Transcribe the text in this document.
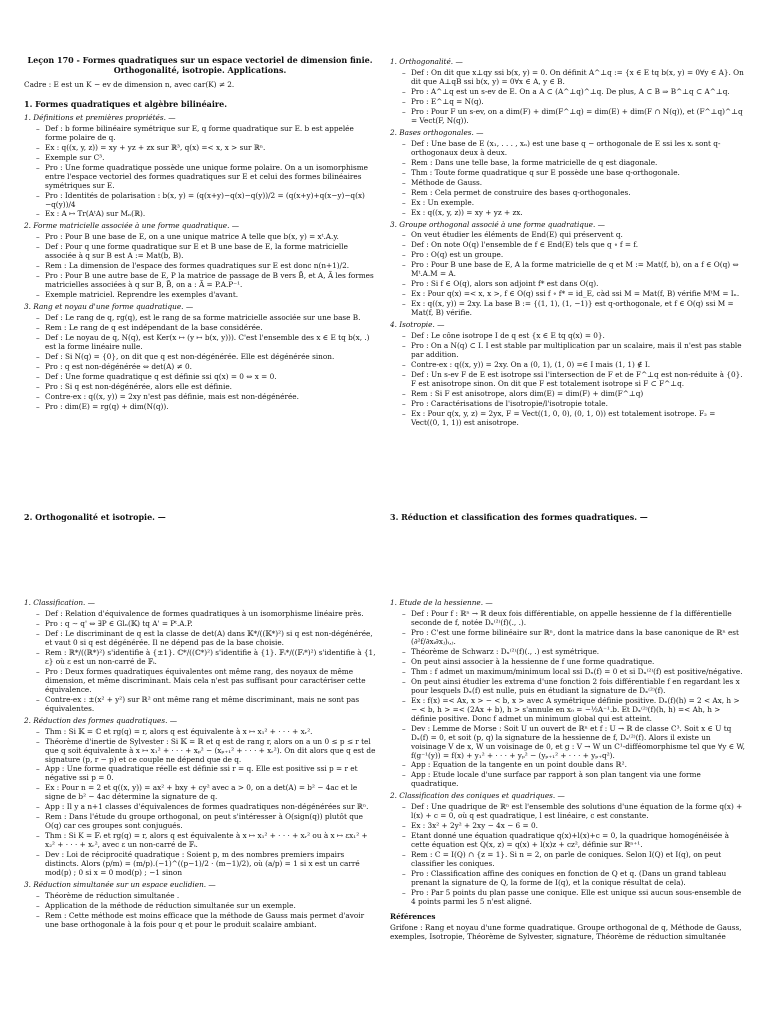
Leçon 170 - Formes quadratiques sur un espace vectoriel de dimension finie.
Orthogonalité, isotropie. Applications.
Cadre : E est un K − ev de dimension n, avec car(K) ≠ 2.
1. Formes quadratiques et algèbre bilinéaire.
1. Définitions et premières propriétés. —
– Def : b forme bilinéaire symétrique sur E, q forme quadratique sur E. b est appelée forme polaire de q.
– Ex : q((x, y, z)) = xy + yz + zx sur ℝ³, q(x) =< x, x > sur ℝⁿ.
– Exemple sur C³.
– Pro : Une forme quadratique possède une unique forme polaire. On a un isomorphisme entre l'espace vectoriel des formes quadratiques sur E et celui des formes bilinéaires symétriques sur E.
– Pro : Identités de polarisation : b(x, y) = (q(x+y)−q(x)−q(y))/2 = (q(x+y)+q(x−y)−q(x)−q(y))/4
– Ex : A ↦ Tr(AᵗA) sur Mₙ(ℝ).
2. Forme matricielle associée à une forme quadratique. —
– Pro : Pour B une base de E, on a une unique matrice A telle que b(x, y) = xᵗ.A.y.
– Def : Pour q une forme quadratique sur E et B une base de E, la forme matricielle associée à q sur B est A := Mat(b, B).
– Rem : La dimension de l'espace des formes quadratiques sur E est donc n(n+1)/2.
– Pro : Pour B une autre base de E, P la matrice de passage de B vers B̃, et A, Ã les formes matricielles associées à q sur B, B̃, on a : Ã = P.A.P⁻¹.
– Exemple matriciel. Reprendre les exemples d'avant.
3. Rang et noyau d'une forme quadratique. —
– Def : Le rang de q, rg(q), est le rang de sa forme matricielle associée sur une base B.
– Rem : Le rang de q est indépendant de la base considérée.
– Def : Le noyau de q, N(q), est Ker(x ↦ (y ↦ b(x, y))). C'est l'ensemble des x ∈ E tq b(x, .) est la forme linéaire nulle.
– Def : Si N(q) = {0}, on dit que q est non-dégénérée. Elle est dégénérée sinon.
– Pro : q est non-dégénérée ⇔ det(A) ≠ 0.
– Def : Une forme quadratique q est définie ssi q(x) = 0 ⇔ x = 0.
– Pro : Si q est non-dégénérée, alors elle est définie.
– Contre-ex : q((x, y)) = 2xy n'est pas définie, mais est non-dégénérée.
– Pro : dim(E) = rg(q) + dim(N(q)).
1. Orthogonalité. —
– Def : On dit que x⊥qy ssi b(x, y) = 0. On définit A^⊥q := {x ∈ E tq b(x, y) = 0∀y ∈ A}. On dit que A⊥qB ssi b(x, y) = 0∀x ∈ A, y ∈ B.
– Pro : A^⊥q est un s-ev de E. On a A ⊂ (A^⊥q)^⊥q. De plus, A ⊂ B ⇒ B^⊥q ⊂ A^⊥q.
– Pro : E^⊥q = N(q).
– Pro : Pour F un s-ev, on a dim(F) + dim(F^⊥q) = dim(E) + dim(F ∩ N(q)), et (F^⊥q)^⊥q = Vect(F, N(q)).
2. Bases orthogonales. —
– Def : Une base de E (x₁, . . . , xₙ) est une base q − orthogonale de E ssi les xᵢ sont q-orthogonaux deux à deux.
– Rem : Dans une telle base, la forme matricielle de q est diagonale.
– Thm : Toute forme quadratique q sur E possède une base q-orthogonale.
– Méthode de Gauss.
– Rem : Cela permet de construire des bases q-orthogonales.
– Ex : Un exemple.
– Ex : q((x, y, z)) = xy + yz + zx.
3. Groupe orthogonal associé à une forme quadratique. —
– On veut étudier les éléments de End(E) qui préservent q.
– Def : On note O(q) l'ensemble de f ∈ End(E) tels que q ∘ f = f.
– Pro : O(q) est un groupe.
– Pro : Pour B une base de E, A la forme matricielle de q et M := Mat(f, b), on a f ∈ O(q) ⇔ Mᵗ.A.M = A.
– Pro : Si f ∈ O(q), alors son adjoint f* est dans O(q).
– Ex : Pour q(x) =< x, x >, f ∈ O(q) ssi f ∘ f* = id_E, càd ssi M = Mat(f, B) vérifie MᵗM = Iₙ.
– Ex : q((x, y)) = 2xy. La base B := {(1, 1), (1, −1)} est q-orthogonale, et f ∈ O(q) ssi M = Mat(f, B) vérifie.
4. Isotropie. —
– Def : Le cône isotrope I de q est {x ∈ E tq q(x) = 0}.
– Pro : On a N(q) ⊂ I. I est stable par multiplication par un scalaire, mais il n'est pas stable par addition.
– Contre-ex : q((x, y)) = 2xy. On a (0, 1), (1, 0) =∈ I mais (1, 1) ∉ I.
– Def : Un s-ev F de E est isotrope ssi l'intersection de F et de F^⊥q est non-réduite à {0}. F est anisotrope sinon. On dit que F est totalement isotrope si F ⊂ F^⊥q.
– Rem : Si F est anisotrope, alors dim(E) = dim(F) + dim(F^⊥q)
– Pro : Caractérisations de l'isotropie/l'isotropie totale.
– Ex : Pour q(x, y, z) = 2yx, F = Vect((1, 0, 0), (0, 1, 0)) est totalement isotrope. F₂ = Vect((0, 1, 1)) est anisotrope.
2. Orthogonalité et isotropie. —	3. Réduction et classification des formes quadratiques. —
1. Classification. —
– Def : Relation d'équivalence de formes quadratiques à un isomorphisme linéaire près.
– Pro : q ∼ q' ⇔ ∃P ∈ Glₙ(𝕂) tq A' = Pᵗ.A.P.
– Def : Le discriminant de q est la classe de det(A) dans 𝕂*/((𝕂*)²) si q est non-dégénérée, et vaut 0 si q est dégénérée. Il ne dépend pas de la base choisie.
– Rem : ℝ*/((ℝ*)²) s'identifie à {±1}. ℂ*/((ℂ*)²) s'identifie à {1}. 𝔽ᵢ*/((𝔽ᵢ*)²) s'identifie à {1, ε} où ε est un non-carré de 𝔽ᵢ.
– Pro : Deux formes quadratiques équivalentes ont même rang, des noyaux de même dimension, et même discriminant. Mais cela n'est pas suffisant pour caractériser cette équivalence.
– Contre-ex : ±(x² + y²) sur ℝ² ont même rang et même discriminant, mais ne sont pas équivalentes.
2. Réduction des formes quadratiques. —
– Thm : Si 𝕂 = ℂ et rg(q) = r, alors q est équivalente à x ↦ x₁² + · · · + xᵣ².
– Théorème d'inertie de Sylvester : Si 𝕂 = ℝ et q est de rang r, alors on a un 0 ≤ p ≤ r tel que q soit équivalente à x ↦ x₁² + · · · + xₚ² − (xₚ₊₁² + · · · + xᵣ²). On dit alors que q est de signature (p, r − p) et ce couple ne dépend que de q.
– App : Une forme quadratique réelle est définie ssi r = q. Elle est positive ssi p = r et négative ssi p = 0.
– Ex : Pour n = 2 et q((x, y)) = ax² + bxy + cy² avec a > 0, on a det(A) = b² − 4ac et le signe de b² − 4ac détermine la signature de q.
– App : Il y a n+1 classes d'équivalences de formes quadratiques non-dégénérées sur ℝⁿ.
– Rem : Dans l'étude du groupe orthogonal, on peut s'intéresser à O(sign(q)) plutôt que O(q) car ces groupes sont conjugués.
– Thm : Si K = 𝔽ᵢ et rg(q) = r, alors q est équivalente à x ↦ x₁² + · · · + xᵣ² ou à x ↦ εx₁² + x₂² + · · · + xᵣ², avec ε un non-carré de 𝔽ᵢ.
– Dev : Loi de réciprocité quadratique : Soient p, m des nombres premiers impairs distincts. Alors (p/m) = (m/p).(−1)^((p−1)/2 · (m−1)/2), où (a/p) = 1 si x est un carré mod(p) ; 0 si x = 0 mod(p) ; −1 sinon
3. Réduction simultanée sur un espace euclidien. —
– Théorème de réduction simultanée .
– Application de la méthode de réduction simultanée sur un exemple.
– Rem : Cette méthode est moins efficace que la méthode de Gauss mais permet d'avoir une base orthogonale à la fois pour q et pour le produit scalaire ambiant.
1. Etude de la hessienne. —
– Def : Pour f : ℝⁿ → ℝ deux fois différentiable, on appelle hessienne de f la différentielle seconde de f, notée Dₓ⁽²⁾(f)(., .).
– Pro : C'est une forme bilinéaire sur ℝⁿ, dont la matrice dans la base canonique de ℝⁿ est (∂²f/∂xᵢ∂xⱼ)ᵢ,ⱼ.
– Théorème de Schwarz : Dₓ⁽²⁾(f)(., .) est symétrique.
– On peut ainsi associer à la hessienne de f une forme quadratique.
– Thm : f admet un maximum/minimum local ssi Dₓ(f) = 0 et si Dₓ⁽²⁾(f) est positive/négative.
– On peut ainsi étudier les extrema d'une fonction 2 fois différentiable f en regardant les x pour lesquels Dₓ(f) est nulle, puis en étudiant la signature de Dₓ⁽²⁾(f).
– Ex : f(x) =< Ax, x > − < b, x > avec A symétrique définie positive. Dₓ(f)(h) = 2 < Ax, h > − < b, h > =< (2Ax + b), h > s'annule en x₀ = −½A⁻¹.b. Et Dₓ⁽²⁾(f)(h, h) =< Ah, h > définie positive. Donc f admet un minimum global qui est atteint.
– Dev : Lemme de Morse : Soit U un ouvert de ℝⁿ et f : U → ℝ de classe C³. Soit x ∈ U tq Dₓ(f) = 0, et soit (p, q) la signature de la hessienne de f, Dₓ⁽²⁾(f). Alors il existe un voisinage V de x, W un voisinage de 0, et g : V → W un C¹-difféomorphisme tel que ∀y ∈ W, f(g⁻¹(y)) = f(x) + y₁² + · · · + yₚ² − (yₚ₊₁² + · · · + yₚ₊q²).
– App : Equation de la tangente en un point double dans ℝ².
– App : Etude locale d'une surface par rapport à son plan tangent via une forme quadratique.
2. Classification des coniques et quadriques. —
– Def : Une quadrique de ℝⁿ est l'ensemble des solutions d'une équation de la forme q(x) + l(x) + c = 0, où q est quadratique, l est linéaire, c est constante.
– Ex : 3x² + 2y² + 2xy − 4x − 6 = 0.
– Etant donné une équation quadratique q(x)+l(x)+c = 0, la quadrique homogénéisée à cette équation est Q(x, z) = q(x) + l(x)z + cz², définie sur ℝⁿ⁺¹.
– Rem : C = I(Q) ∩ {z = 1}. Si n = 2, on parle de coniques. Selon I(Q) et I(q), on peut classifier les coniques.
– Pro : Classification affine des coniques en fonction de Q et q. (Dans un grand tableau prenant la signature de Q, la forme de I(q), et la conique résultat de cela).
– Pro : Par 5 points du plan passe une conique. Elle est unique ssi aucun sous-ensemble de 4 points parmi les 5 n'est aligné.
Références

Grifone : Rang et noyau d'une forme quadratique. Groupe orthogonal de q, Méthode de Gauss, exemples, Isotropie, Théorème de Sylvester, signature, Théorème de réduction simultanée
